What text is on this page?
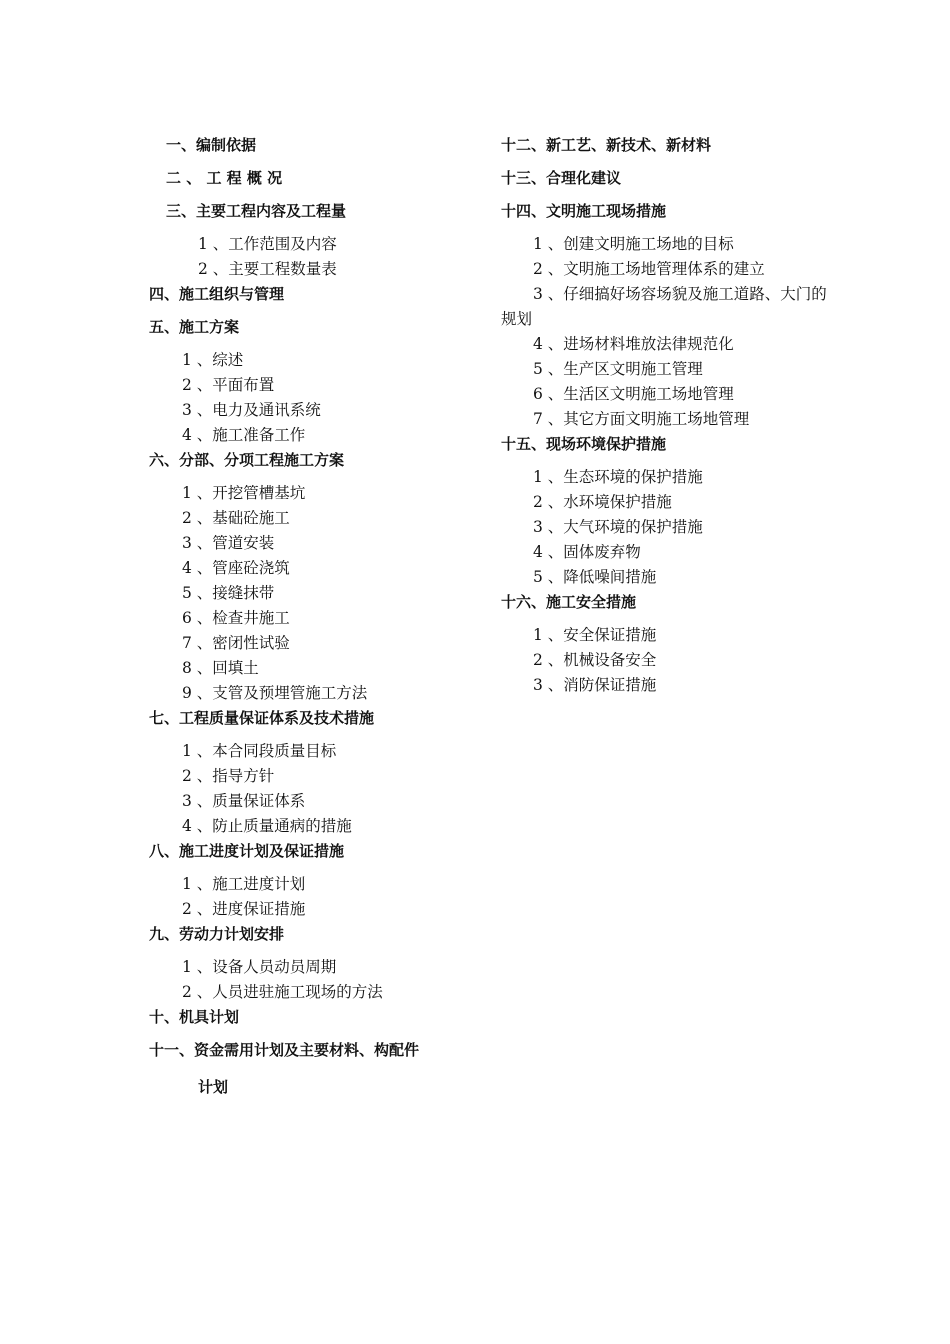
一、编制依据

二 、 工 程 概 况

三、主要工程内容及工程量

1 、工作范围及内容

2 、主要工程数量表

四、施工组织与管理

五、施工方案

1 、综述

2 、平面布置

3 、电力及通讯系统

4 、施工准备工作

六、分部、分项工程施工方案

1 、开挖管槽基坑

2 、基础砼施工

3 、管道安装

4 、管座砼浇筑

5 、接缝抹带

6 、检查井施工

7 、密闭性试验

8 、回填土

9 、支管及预埋管施工方法

七、工程质量保证体系及技术措施

1 、本合同段质量目标

2 、指导方针

3 、质量保证体系

4 、防止质量通病的措施

八、施工进度计划及保证措施

1 、施工进度计划

2 、进度保证措施

九、劳动力计划安排

1 、设备人员动员周期

2 、人员进驻施工现场的方法

十、机具计划

十一、资金需用计划及主要材料、构配件

计划

十二、新工艺、新技术、新材料

十三、合理化建议

十四、文明施工现场措施

1 、创建文明施工场地的目标

2 、文明施工场地管理体系的建立

3 、仔细搞好场容场貌及施工道路、大门的

规划

4 、进场材料堆放法律规范化

5 、生产区文明施工管理

6 、生活区文明施工场地管理

7 、其它方面文明施工场地管理

十五、现场环境保护措施

1 、生态环境的保护措施

2 、水环境保护措施

3 、大气环境的保护措施

4 、固体废弃物

5 、降低噪间措施

十六、施工安全措施

1 、安全保证措施

2 、机械设备安全

3 、消防保证措施
